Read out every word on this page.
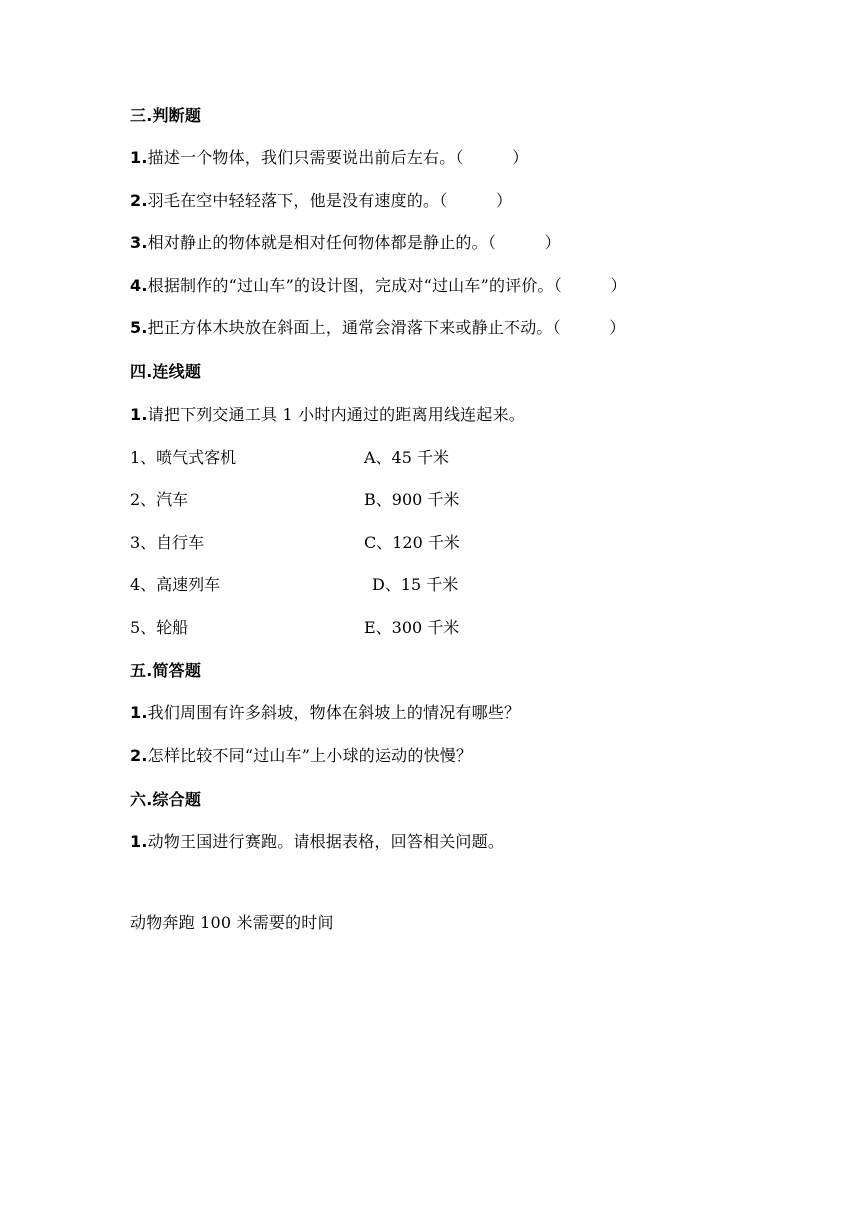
三.判断题
1.描述一个物体，我们只需要说出前后左右。（　　　）
2.羽毛在空中轻轻落下，他是没有速度的。（　　　）
3.相对静止的物体就是相对任何物体都是静止的。（　　　）
4.根据制作的“过山车”的设计图，完成对“过山车”的评价。（　　　）
5.把正方体木块放在斜面上，通常会滑落下来或静止不动。（　　　）
四.连线题
1.请把下列交通工具 1 小时内通过的距离用线连起来。
1、喷气式客机	A、45 千米
2、汽车	B、900 千米
3、自行车	C、120 千米
4、高速列车	D、15 千米
5、轮船	E、300 千米
五.简答题
1.我们周围有许多斜坡，物体在斜坡上的情况有哪些？
2.怎样比较不同“过山车”上小球的运动的快慢？
六.综合题
1.动物王国进行赛跑。请根据表格，回答相关问题。
动物奔跑 100 米需要的时间
